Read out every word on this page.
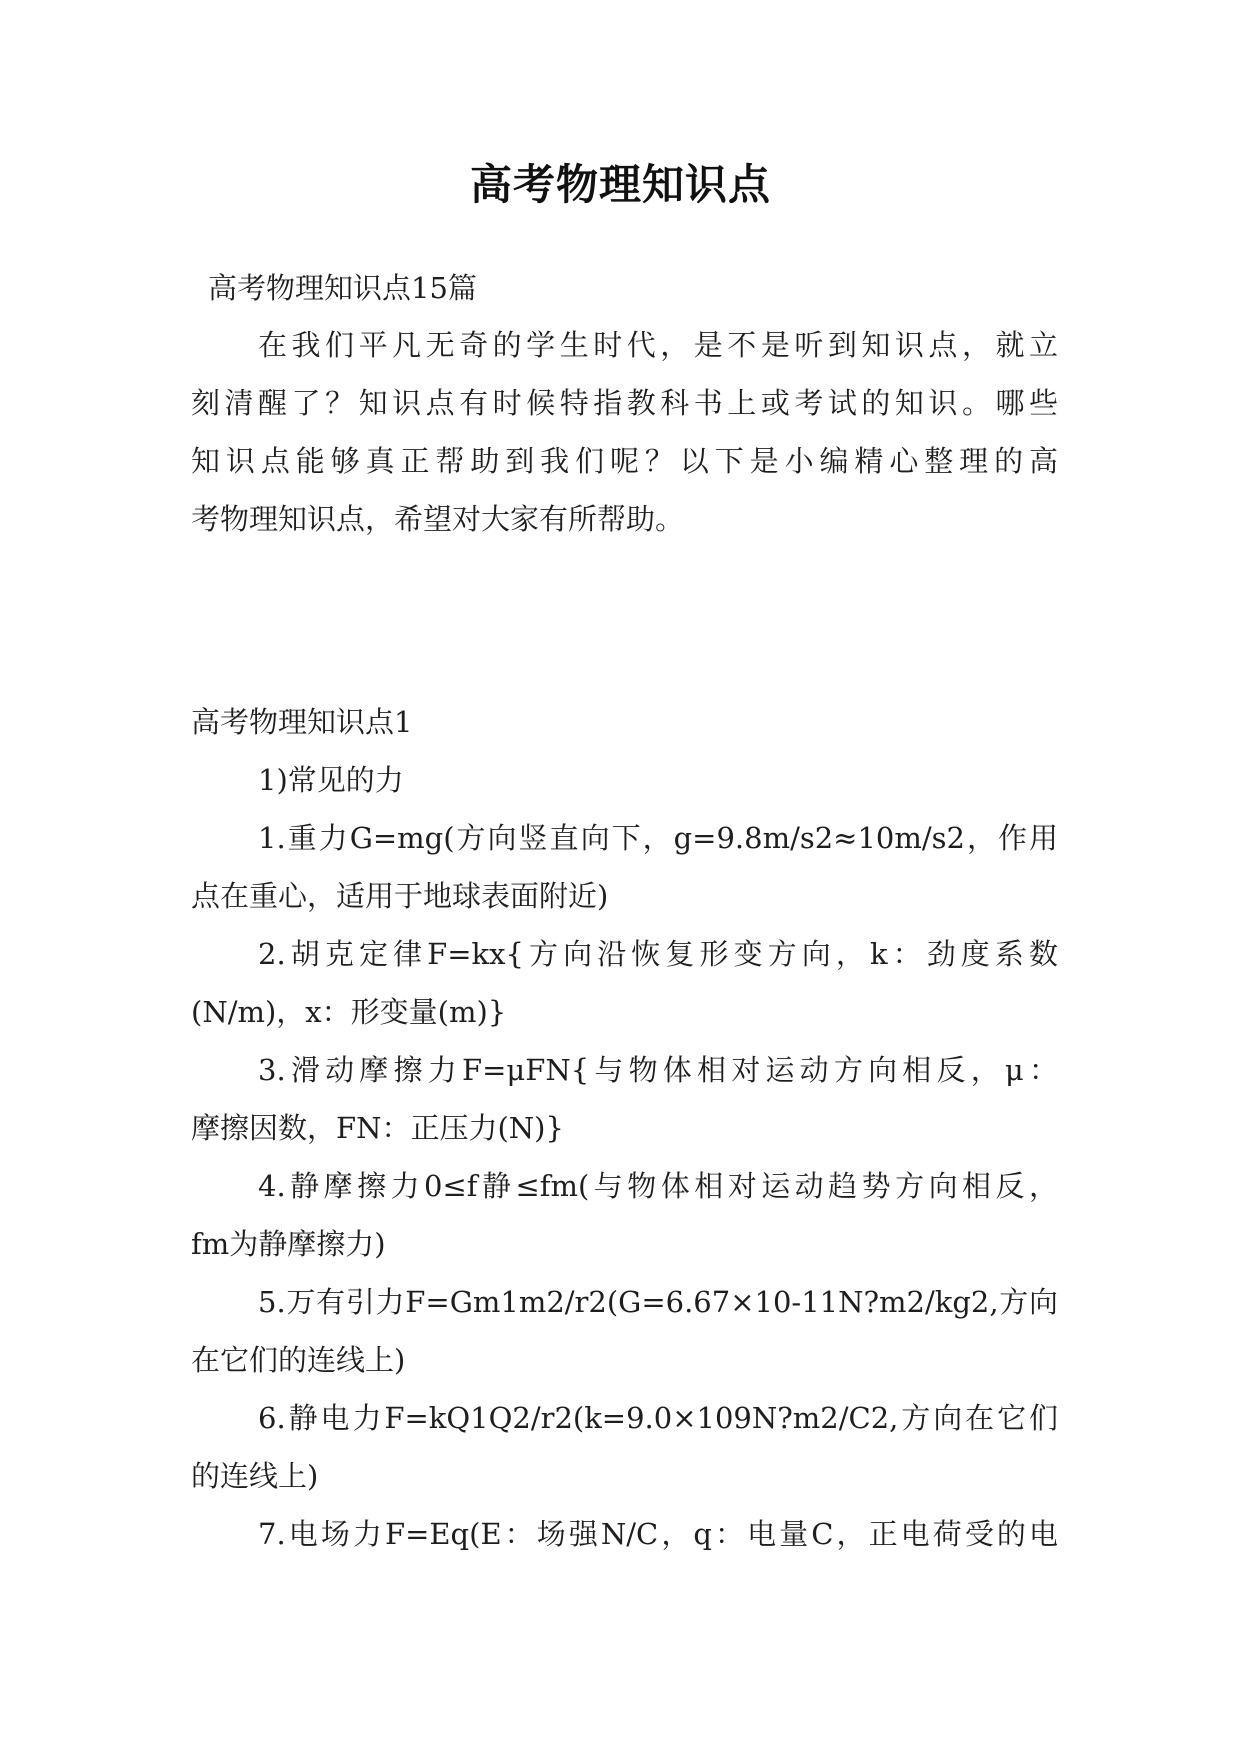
高考物理知识点
高考物理知识点15篇
在我们平凡无奇的学生时代，是不是听到知识点，就立
刻清醒了？知识点有时候特指教科书上或考试的知识。哪些
知识点能够真正帮助到我们呢？以下是小编精心整理的高
考物理知识点，希望对大家有所帮助。
高考物理知识点1
1)常见的力
1.重力G=mg(方向竖直向下，g=9.8m/s2≈10m/s2，作用
点在重心，适用于地球表面附近)
2.胡克定律F=kx{方向沿恢复形变方向，k：劲度系数
(N/m)，x：形变量(m)}
3.滑动摩擦力F=μFN{与物体相对运动方向相反，μ：
摩擦因数，FN：正压力(N)}
4.静摩擦力0≤f静≤fm(与物体相对运动趋势方向相反，
fm为静摩擦力)
5.万有引力F=Gm1m2/r2(G=6.67×10-11N?m2/kg2,方向
在它们的连线上)
6.静电力F=kQ1Q2/r2(k=9.0×109N?m2/C2,方向在它们
的连线上)
7.电场力F=Eq(E：场强N/C，q：电量C，正电荷受的电
